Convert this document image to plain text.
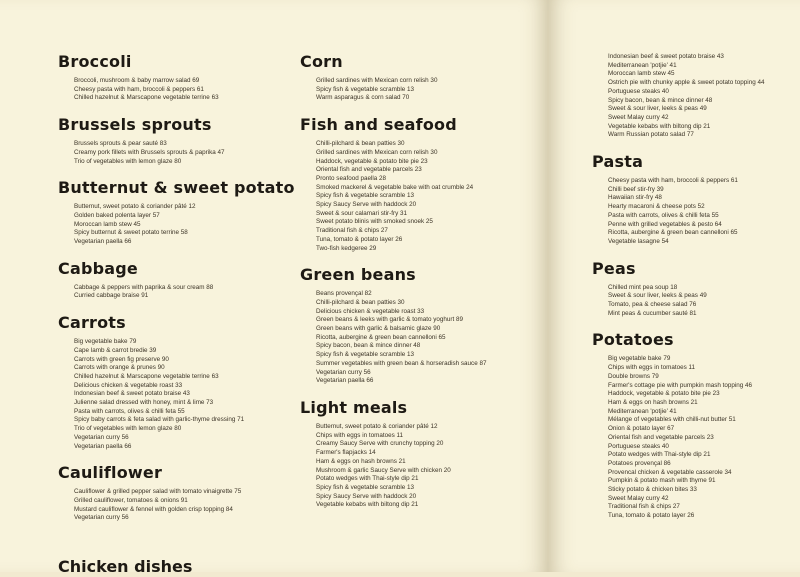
Broccoli
Broccoli, mushroom & baby marrow salad 69
Cheesy pasta with ham, broccoli & peppers 61
Chilled hazelnut & Marscapone vegetable terrine 63
Brussels sprouts
Brussels sprouts & pear sauté 83
Creamy pork fillets with Brussels sprouts & paprika 47
Trio of vegetables with lemon glaze 80
Butternut & sweet potato
Butternut, sweet potato & coriander pâté 12
Golden baked polenta layer 57
Moroccan lamb stew 45
Spicy butternut & sweet potato terrine 58
Vegetarian paella 66
Cabbage
Cabbage & peppers with paprika & sour cream 88
Curried cabbage braise 91
Carrots
Big vegetable bake 79
Cape lamb & carrot bredie 39
Carrots with green fig preserve 90
Carrots with orange & prunes 90
Chilled hazelnut & Marscapone vegetable terrine 63
Delicious chicken & vegetable roast 33
Indonesian beef & sweet potato braise 43
Julienne salad dressed with honey, mint & lime 73
Pasta with carrots, olives & chilli feta 55
Spicy baby carrots & feta salad with garlic-thyme dressing 71
Trio of vegetables with lemon glaze 80
Vegetarian curry 56
Vegetarian paella 66
Cauliflower
Cauliflower & grilled pepper salad with tomato vinaigrette 75
Grilled cauliflower, tomatoes & onions 91
Mustard cauliflower & fennel with golden crisp topping 84
Vegetarian curry 56
Chicken dishes
Corn
Grilled sardines with Mexican corn relish 30
Spicy fish & vegetable scramble 13
Warm asparagus & corn salad 70
Fish and seafood
Chilli-pilchard & bean patties 30
Grilled sardines with Mexican corn relish 30
Haddock, vegetable & potato bite pie 23
Oriental fish and vegetable parcels 23
Pronto seafood paella 28
Smoked mackerel & vegetable bake with oat crumble 24
Spicy fish & vegetable scramble 13
Spicy Saucy Serve with haddock 20
Sweet & sour calamari stir-fry 31
Sweet potato blinis with smoked snoek 25
Traditional fish & chips 27
Tuna, tomato & potato layer 26
Two-fish kedgeree 29
Green beans
Beans provençal 82
Chilli-pilchard & bean patties 30
Delicious chicken & vegetable roast 33
Green beans & leeks with garlic & tomato yoghurt 89
Green beans with garlic & balsamic glaze 90
Ricotta, aubergine & green bean cannelloni 65
Spicy bacon, bean & mince dinner 48
Spicy fish & vegetable scramble 13
Summer vegetables with green bean & horseradish sauce 87
Vegetarian curry 56
Vegetarian paella 66
Light meals
Butternut, sweet potato & coriander pâté 12
Chips with eggs in tomatoes 11
Creamy Saucy Serve with crunchy topping 20
Farmer's flapjacks 14
Ham & eggs on hash browns 21
Mushroom & garlic Saucy Serve with chicken 20
Potato wedges with Thai-style dip 21
Spicy fish & vegetable scramble 13
Spicy Saucy Serve with haddock 20
Vegetable kebabs with biltong dip 21
Indonesian beef & sweet potato braise 43
Mediterranean 'potjie' 41
Moroccan lamb stew 45
Ostrich pie with chunky apple & sweet potato topping 44
Portuguese steaks 40
Spicy bacon, bean & mince dinner 48
Sweet & sour liver, leeks & peas 49
Sweet Malay curry 42
Vegetable kebabs with biltong dip 21
Warm Russian potato salad 77
Pasta
Cheesy pasta with ham, broccoli & peppers 61
Chilli beef stir-fry 39
Hawaiian stir-fry 48
Hearty macaroni & cheese pots 52
Pasta with carrots, olives & chilli feta 55
Penne with grilled vegetables & pesto 64
Ricotta, aubergine & green bean cannelloni 65
Vegetable lasagne 54
Peas
Chilled mint pea soup 18
Sweet & sour liver, leeks & peas 49
Tomato, pea & cheese salad 76
Mint peas & cucumber sauté 81
Potatoes
Big vegetable bake 79
Chips with eggs in tomatoes 11
Double browns 79
Farmer's cottage pie with pumpkin mash topping 46
Haddock, vegetable & potato bite pie 23
Ham & eggs on hash browns 21
Mediterranean 'potjie' 41
Mélange of vegetables with chilli-nut butter 51
Onion & potato layer 67
Oriental fish and vegetable parcels 23
Portuguese steaks 40
Potato wedges with Thai-style dip 21
Potatoes provençal 86
Provencal chicken & vegetable casserole 34
Pumpkin & potato mash with thyme 91
Sticky potato & chicken bites 33
Sweet Malay curry 42
Traditional fish & chips 27
Tuna, tomato & potato layer 26
